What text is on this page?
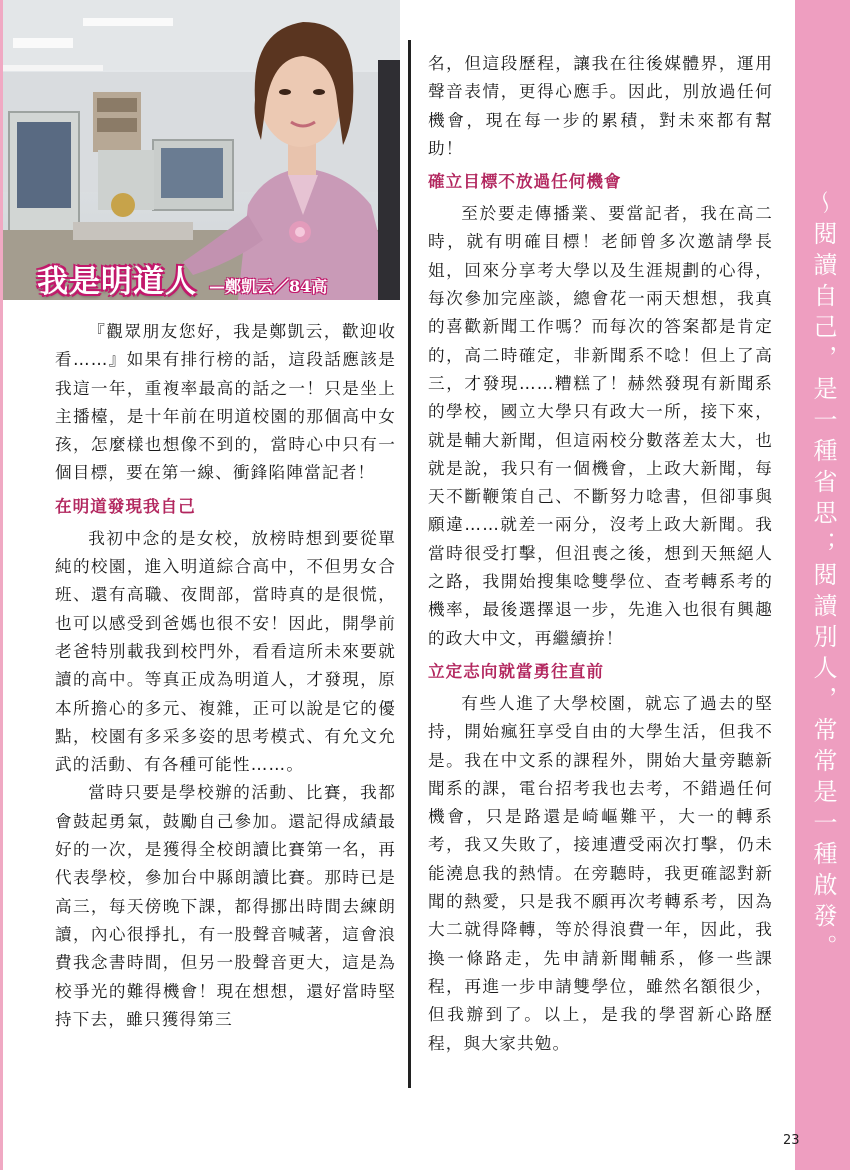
我是明道人 —鄭凱云／84高

『觀眾朋友您好，我是鄭凱云，歡迎收看……』如果有排行榜的話，這段話應該是我這一年，重複率最高的話之一！只是坐上主播檯，是十年前在明道校園的那個高中女孩，怎麼樣也想像不到的，當時心中只有一個目標，要在第一線、衝鋒陷陣當記者！

在明道發現我自己

我初中念的是女校，放榜時想到要從單純的校園，進入明道綜合高中，不但男女合班、還有高職、夜間部，當時真的是很慌，也可以感受到爸媽也很不安！因此，開學前老爸特別載我到校門外，看看這所未來要就讀的高中。等真正成為明道人，才發現，原本所擔心的多元、複雜，正可以說是它的優點，校園有多采多姿的思考模式、有允文允武的活動、有各種可能性……。

當時只要是學校辦的活動、比賽，我都會鼓起勇氣，鼓勵自己參加。還記得成績最好的一次，是獲得全校朗讀比賽第一名，再代表學校，參加台中縣朗讀比賽。那時已是高三，每天傍晚下課，都得挪出時間去練朗讀，內心很掙扎，有一股聲音喊著，這會浪費我念書時間，但另一股聲音更大，這是為校爭光的難得機會！現在想想，還好當時堅持下去，雖只獲得第三

名，但這段歷程，讓我在往後媒體界，運用聲音表情，更得心應手。因此，別放過任何機會，現在每一步的累積，對未來都有幫助！

確立目標不放過任何機會

至於要走傳播業、要當記者，我在高二時，就有明確目標！老師曾多次邀請學長姐，回來分享考大學以及生涯規劃的心得，每次參加完座談，總會花一兩天想想，我真的喜歡新聞工作嗎？而每次的答案都是肯定的，高二時確定，非新聞系不唸！但上了高三，才發現……糟糕了！赫然發現有新聞系的學校，國立大學只有政大一所，接下來，就是輔大新聞，但這兩校分數落差太大，也就是說，我只有一個機會，上政大新聞，每天不斷鞭策自己、不斷努力唸書，但卻事與願違……就差一兩分，沒考上政大新聞。我當時很受打擊，但沮喪之後，想到天無絕人之路，我開始搜集唸雙學位、查考轉系考的機率，最後選擇退一步，先進入也很有興趣的政大中文，再繼續拚！

立定志向就當勇往直前

有些人進了大學校園，就忘了過去的堅持，開始瘋狂享受自由的大學生活，但我不是。我在中文系的課程外，開始大量旁聽新聞系的課，電台招考我也去考，不錯過任何機會，只是路還是崎嶇難平，大一的轉系考，我又失敗了，接連遭受兩次打擊，仍未能澆息我的熱情。在旁聽時，我更確認對新聞的熱愛，只是我不願再次考轉系考，因為大二就得降轉，等於得浪費一年，因此，我換一條路走，先申請新聞輔系，修一些課程，再進一步申請雙學位，雖然名額很少，但我辦到了。以上，是我的學習新心路歷程，與大家共勉。

～閱讀自己，是一種省思；閱讀別人，常常是一種啟發。
23
